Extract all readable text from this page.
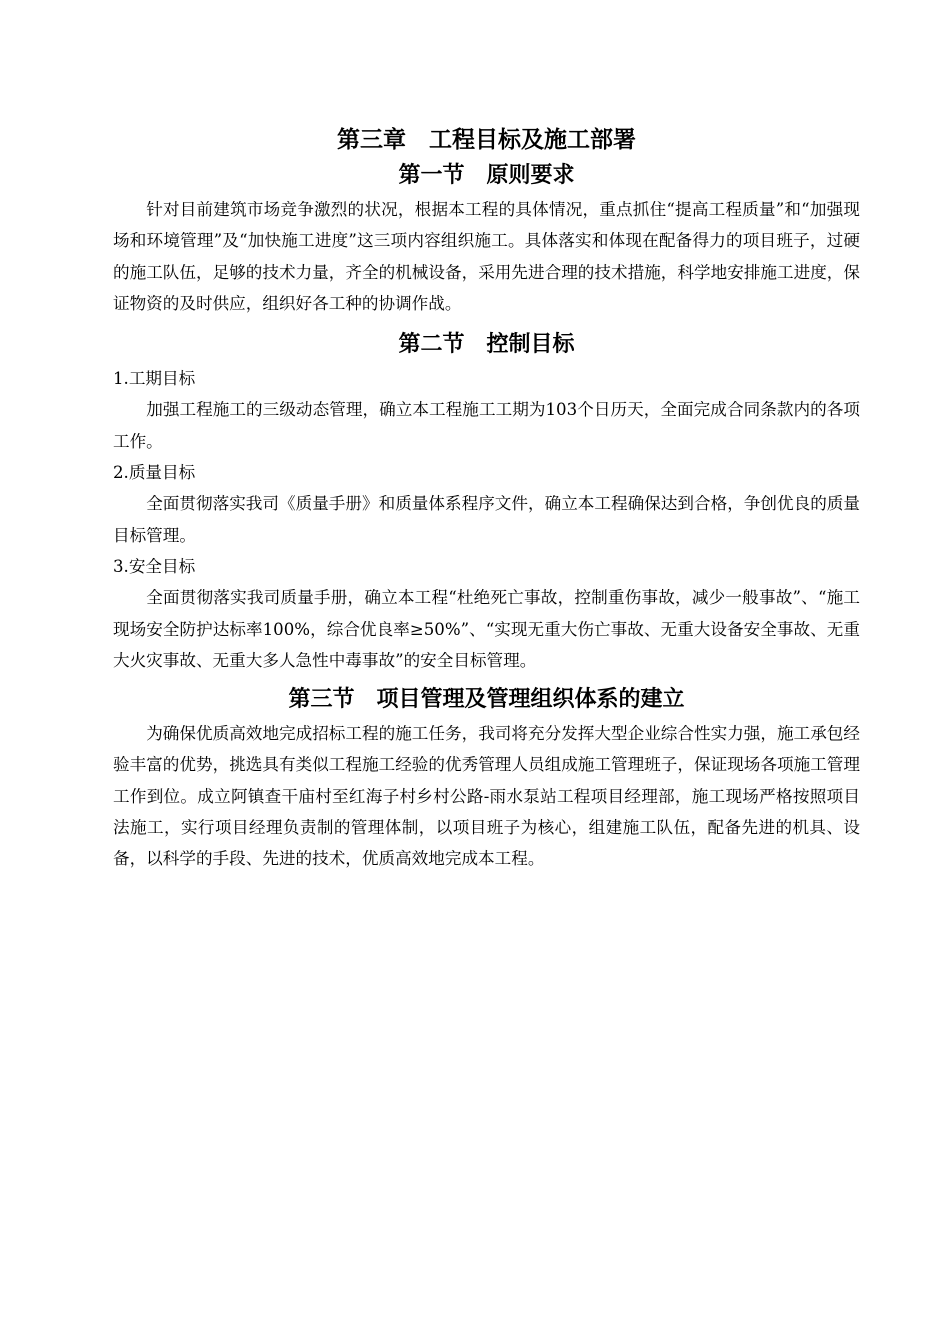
第三章　工程目标及施工部署
第一节　原则要求

针对目前建筑市场竞争激烈的状况，根据本工程的具体情况，重点抓住“提高工程质量”和“加强现场和环境管理”及“加快施工进度”这三项内容组织施工。具体落实和体现在配备得力的项目班子，过硬的施工队伍，足够的技术力量，齐全的机械设备，采用先进合理的技术措施，科学地安排施工进度，保证物资的及时供应，组织好各工种的协调作战。

第二节　控制目标
1.工期目标

加强工程施工的三级动态管理，确立本工程施工工期为103个日历天，全面完成合同条款内的各项工作。

2.质量目标

全面贯彻落实我司《质量手册》和质量体系程序文件，确立本工程确保达到合格，争创优良的质量目标管理。

3.安全目标

全面贯彻落实我司质量手册，确立本工程“杜绝死亡事故，控制重伤事故，减少一般事故”、“施工现场安全防护达标率100%，综合优良率≥50%”、“实现无重大伤亡事故、无重大设备安全事故、无重大火灾事故、无重大多人急性中毒事故”的安全目标管理。

第三节　项目管理及管理组织体系的建立

为确保优质高效地完成招标工程的施工任务，我司将充分发挥大型企业综合性实力强，施工承包经验丰富的优势，挑选具有类似工程施工经验的优秀管理人员组成施工管理班子，保证现场各项施工管理工作到位。成立阿镇查干庙村至红海子村乡村公路-雨水泵站工程项目经理部，施工现场严格按照项目法施工，实行项目经理负责制的管理体制，以项目班子为核心，组建施工队伍，配备先进的机具、设备，以科学的手段、先进的技术，优质高效地完成本工程。
